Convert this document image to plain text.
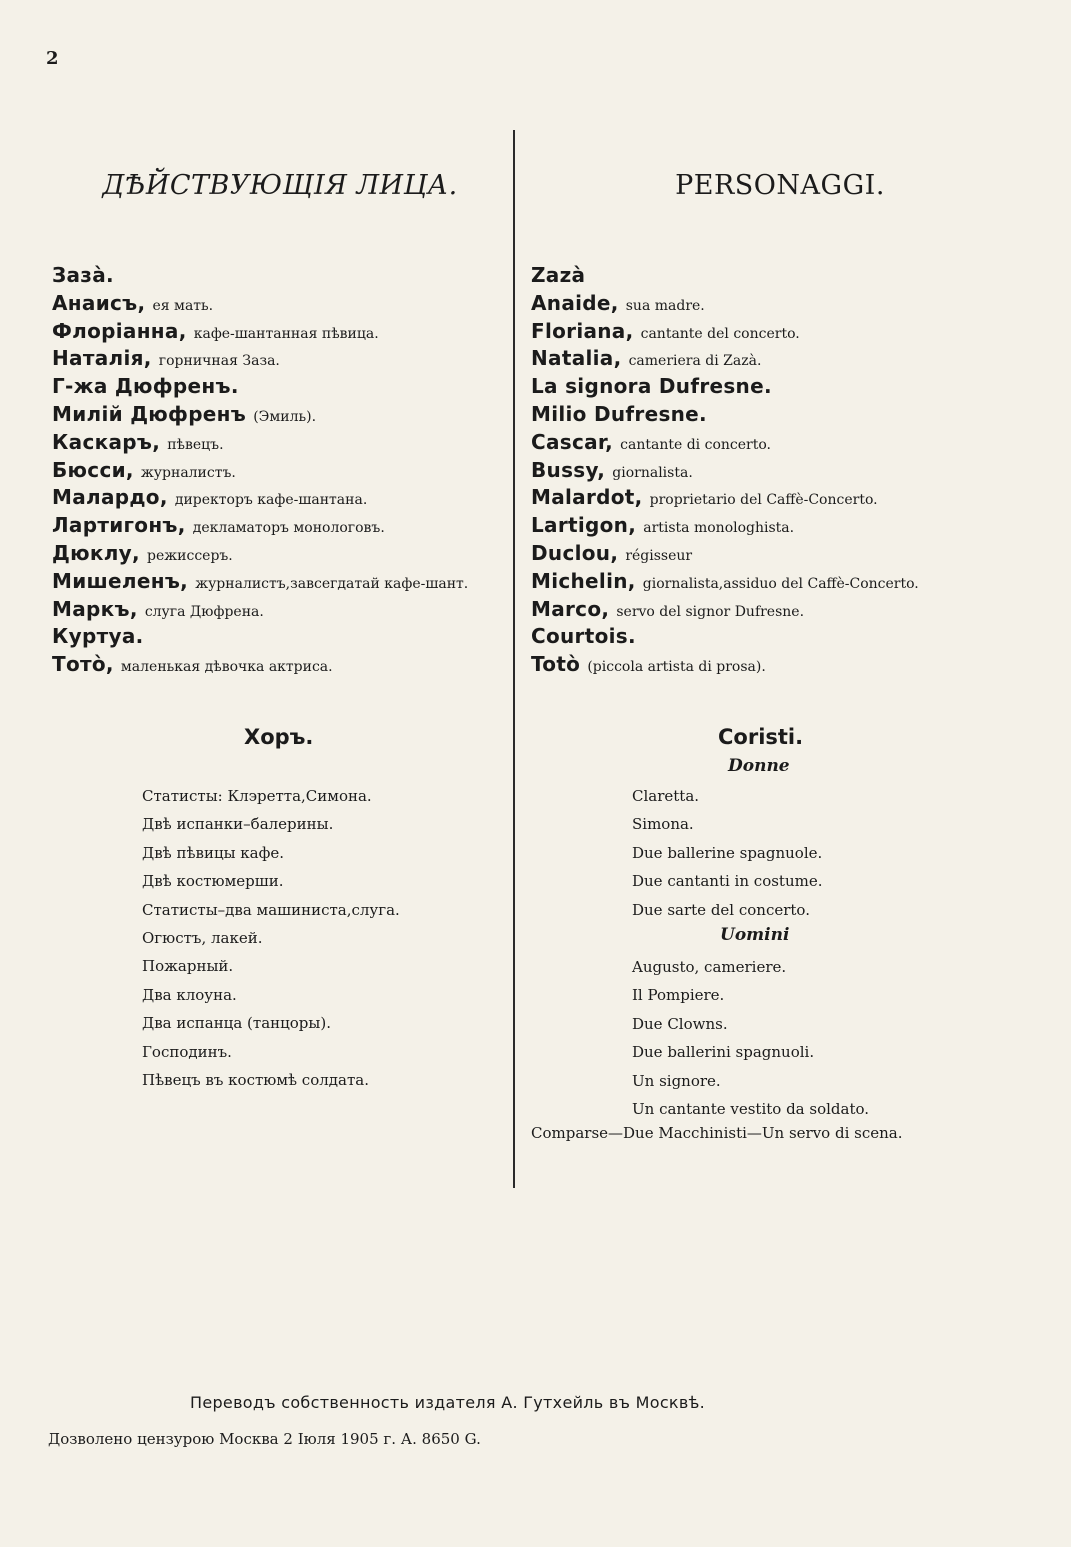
2
ДѢЙСТВУЮЩІЯ ЛИЦА.	PERSONAGGI.
Зазà.
Анаисъ, ея мать.
Флоріанна, кафе-шантанная пѣвица.
Наталія, горничная Заза.
Г-жа Дюфренъ.
Милій Дюфренъ (Эмиль).
Каскаръ, пѣвецъ.
Бюсси, журналистъ.
Малардо, директоръ кафе-шантана.
Лартигонъ, декламаторъ монологовъ.
Дюклу, режиссеръ.
Мишеленъ, журналистъ,завсегдатай кафе-шант.
Маркъ, слуга Дюфрена.
Куртуа.
Тотò, маленькая дѣвочка актриса.
Zazà
Anaide, sua madre.
Floriana, cantante del concerto.
Natalia, cameriera di Zazà.
La signora Dufresne.
Milio Dufresne.
Cascar, cantante di concerto.
Bussy, giornalista.
Malardot, proprietario del Caffè-Concerto.
Lartigon, artista monologhista.
Duclou, régisseur
Michelin, giornalista,assiduo del Caffè-Concerto.
Marco, servo del signor Dufresne.
Courtois.
Totò (piccola artista di prosa).
Хоръ.	Coristi.
Donne
Uomini
Статисты: Клэретта,Симона.
Двѣ испанки–балерины.
Двѣ пѣвицы кафе.
Двѣ костюмерши.
Статисты–два машиниста,слуга.
Огюстъ, лакей.
Пожарный.
Два клоуна.
Два испанца (танцоры).
Господинъ.
Пѣвецъ въ костюмѣ солдата.
Claretta.
Simona.
Due ballerine spagnuole.
Due cantanti in costume.
Due sarte del concerto.
Augusto, cameriere.
Il Pompiere.
Due Clowns.
Due ballerini spagnuoli.
Un signore.
Un cantante vestito da soldato.
Comparse—Due Macchinisti—Un servo di scena.
Переводъ собственность издателя А. Гутхейль въ Москвѣ.
Дозволено цензурою Москва 2 Іюля 1905 г. А. 8650 G.
